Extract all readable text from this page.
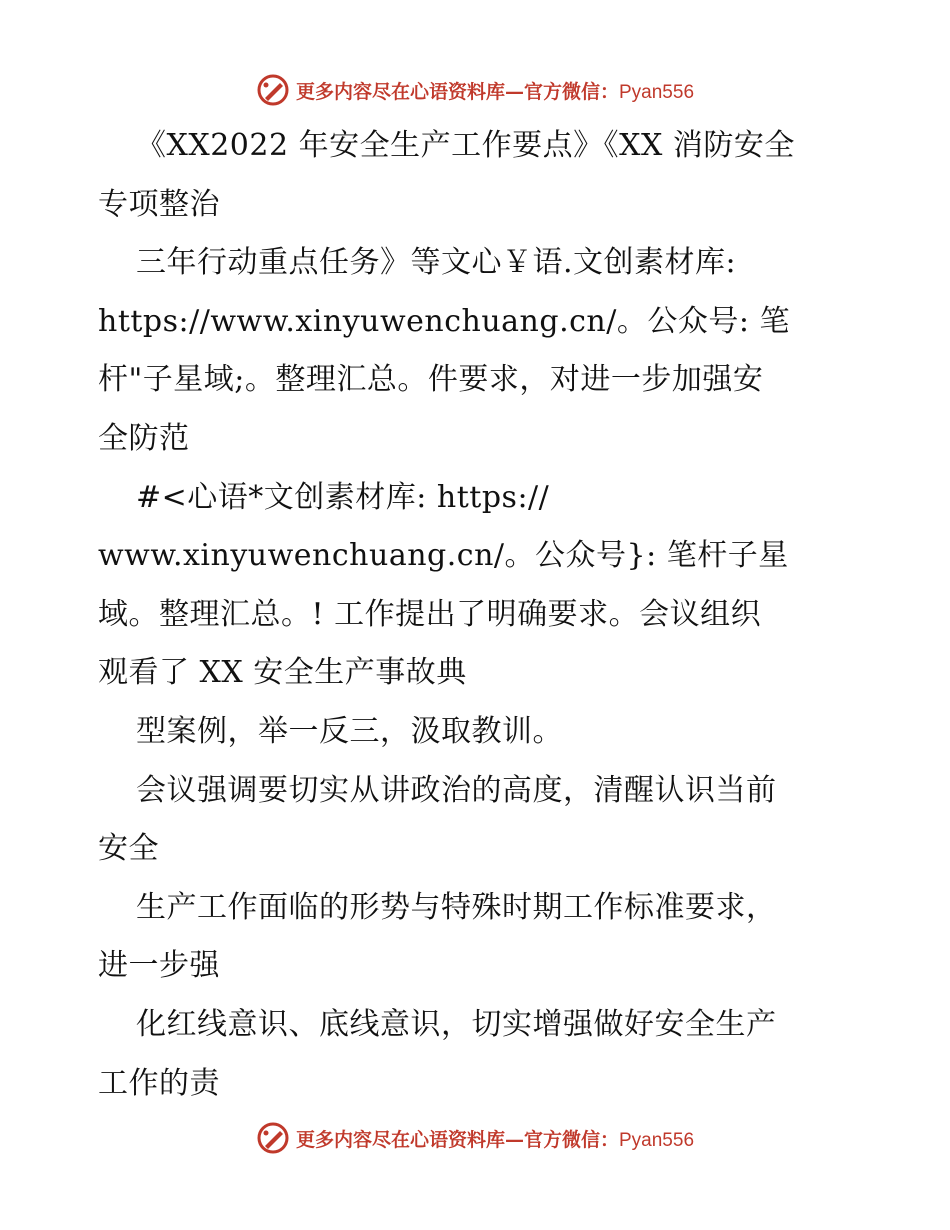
更多内容尽在心语资料库—官方微信：Pyan556
《XX2022 年安全生产工作要点》《XX 消防安全
专项整治
三年行动重点任务》等文心￥语.文创素材库:
https://www.xinyuwenchuang.cn/。公众号: 笔
杆"子星域;。整理汇总。件要求，对进一步加强安
全防范
#<心语*文创素材库: https://
www.xinyuwenchuang.cn/。公众号}: 笔杆子星
域。整理汇总。! 工作提出了明确要求。会议组织
观看了 XX 安全生产事故典
型案例，举一反三，汲取教训。
会议强调要切实从讲政治的高度，清醒认识当前
安全
生产工作面临的形势与特殊时期工作标准要求，
进一步强
化红线意识、底线意识，切实增强做好安全生产
工作的责
更多内容尽在心语资料库—官方微信：Pyan556
